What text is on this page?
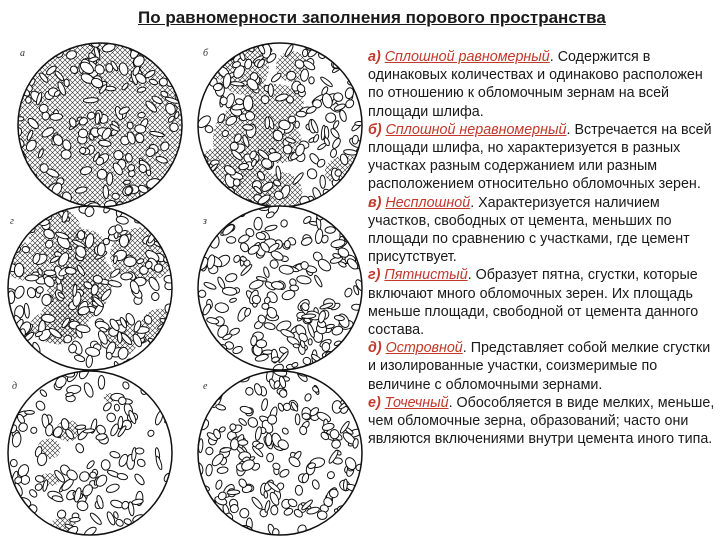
По равномерности заполнения порового пространства
а	б
г	з
д	е

а) Сплошной равномерный. Содержится в одинаковых количествах и одинаково расположен по отношению к обломочным зернам на всей площади шлифа.

б) Сплошной неравномерный. Встречается на всей площади шлифа, но характеризуется в разных участках разным содержанием или разным расположением относительно обломочных зерен.

в) Несплошной. Характеризуется наличием участков, свободных от цемента, меньших по площади по сравнению с участками, где цемент присутствует.

г) Пятнистый. Образует пятна, сгустки, которые включают много обломочных зерен. Их площадь меньше площади, свободной от цемента данного состава.

д) Островной. Представляет собой мелкие сгустки и изолированные участки, соизмеримые по величине с обломочными зернами.

е) Точечный. Обособляется в виде мелких, меньше, чем обломочные зерна, образований; часто они являются включениями внутри цемента иного типа.
